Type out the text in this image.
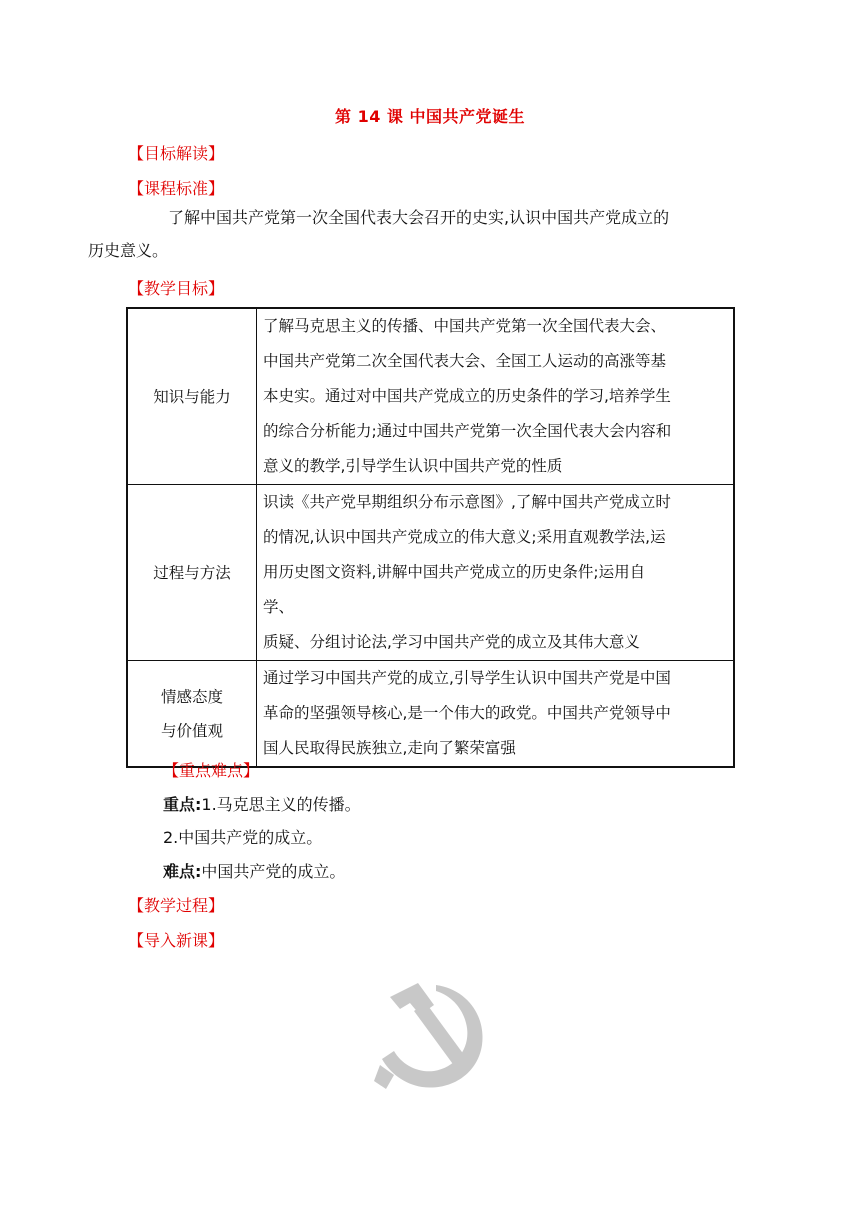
第 14 课 中国共产党诞生
【目标解读】
【课程标准】
了解中国共产党第一次全国代表大会召开的史实,认识中国共产党成立的
历史意义。
【教学目标】
知识与能力	了解马克思主义的传播、中国共产党第一次全国代表大会、
中国共产党第二次全国代表大会、全国工人运动的高涨等基
本史实。通过对中国共产党成立的历史条件的学习,培养学生
的综合分析能力;通过中国共产党第一次全国代表大会内容和
意义的教学,引导学生认识中国共产党的性质

过程与方法	识读《共产党早期组织分布示意图》,了解中国共产党成立时
的情况,认识中国共产党成立的伟大意义;采用直观教学法,运
用历史图文资料,讲解中国共产党成立的历史条件;运用自
学、
质疑、分组讨论法,学习中国共产党的成立及其伟大意义

情感态度
与价值观	通过学习中国共产党的成立,引导学生认识中国共产党是中国
革命的坚强领导核心,是一个伟大的政党。中国共产党领导中
国人民取得民族独立,走向了繁荣富强
【重点难点】
重点:1.马克思主义的传播。
2.中国共产党的成立。
难点:中国共产党的成立。
【教学过程】
【导入新课】
